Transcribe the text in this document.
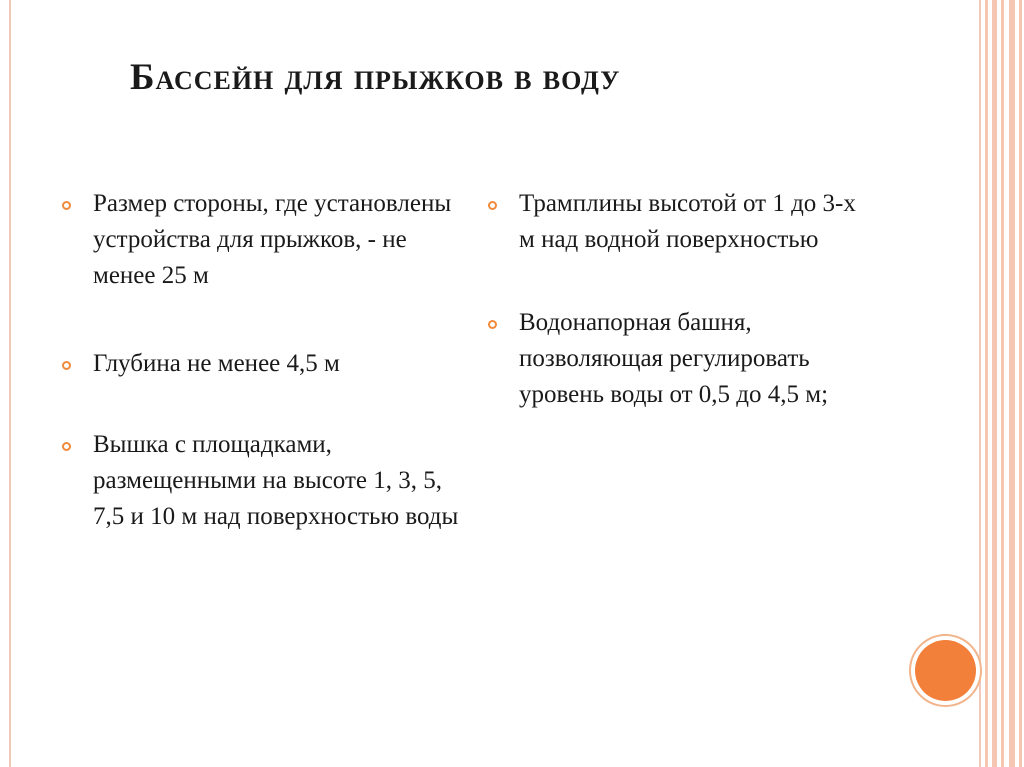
Бассейн для прыжков в воду
Размер стороны, где установлены устройства для прыжков, - не менее 25 м
Глубина не менее 4,5 м
Вышка с площадками, размещенными на высоте 1, 3, 5, 7,5 и 10 м над поверхностью воды
Трамплины высотой от 1 до 3-х м над водной поверхностью
Водонапорная башня, позволяющая регулировать уровень воды от 0,5 до 4,5 м;
